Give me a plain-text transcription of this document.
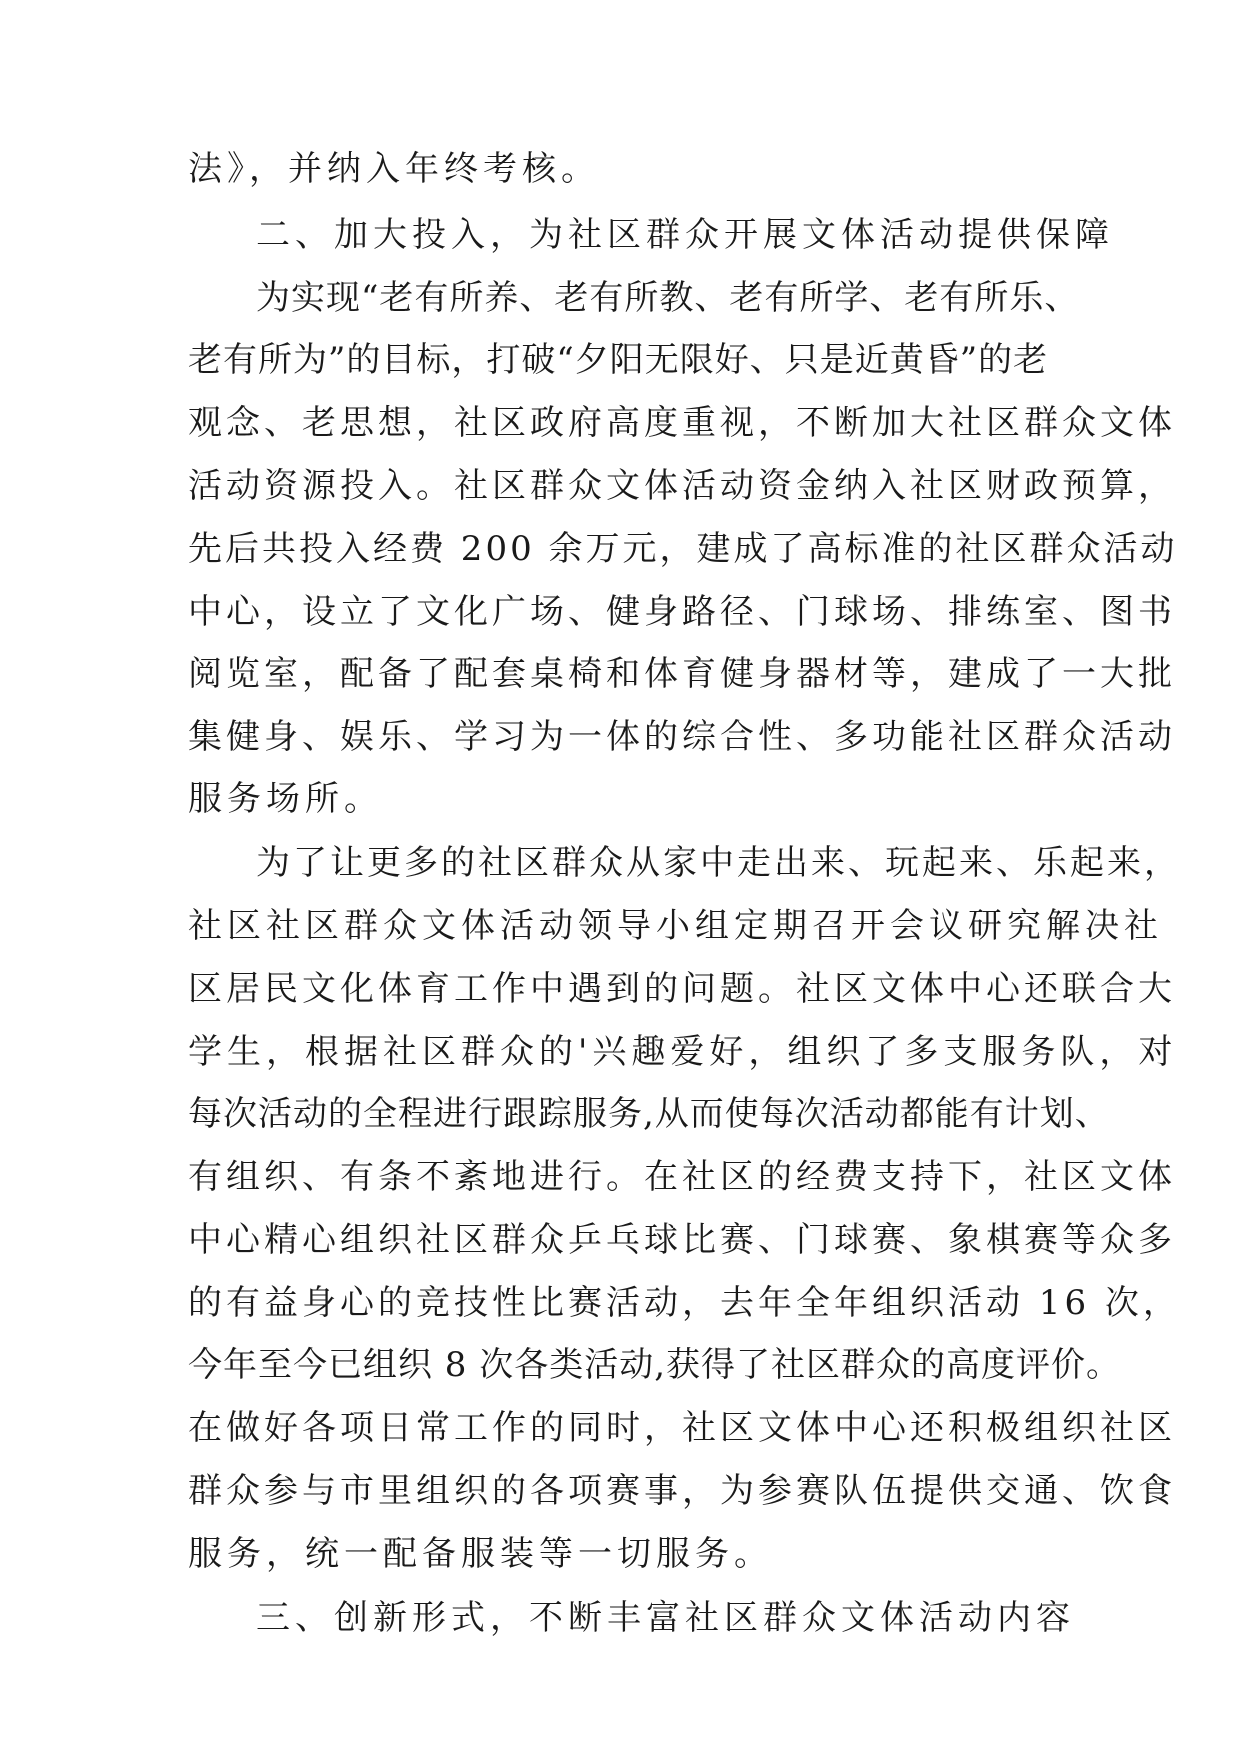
法》，并纳入年终考核。

二、加大投入，为社区群众开展文体活动提供保障

为实现“老有所养、老有所教、老有所学、老有所乐、

老有所为”的目标，打破“夕阳无限好、只是近黄昏”的老

观念、老思想，社区政府高度重视，不断加大社区群众文体

活动资源投入。社区群众文体活动资金纳入社区财政预算，

先后共投入经费 200 余万元，建成了高标准的社区群众活动

中心，设立了文化广场、健身路径、门球场、排练室、图书

阅览室，配备了配套桌椅和体育健身器材等，建成了一大批

集健身、娱乐、学习为一体的综合性、多功能社区群众活动

服务场所。

为了让更多的社区群众从家中走出来、玩起来、乐起来，

社区社区群众文体活动领导小组定期召开会议研究解决社

区居民文化体育工作中遇到的问题。社区文体中心还联合大

学生，根据社区群众的'兴趣爱好，组织了多支服务队，对

每次活动的全程进行跟踪服务,从而使每次活动都能有计划、

有组织、有条不紊地进行。在社区的经费支持下，社区文体

中心精心组织社区群众乒乓球比赛、门球赛、象棋赛等众多

的有益身心的竞技性比赛活动，去年全年组织活动 16 次，

今年至今已组织 8 次各类活动,获得了社区群众的高度评价。

在做好各项日常工作的同时，社区文体中心还积极组织社区

群众参与市里组织的各项赛事，为参赛队伍提供交通、饮食

服务，统一配备服装等一切服务。

三、创新形式，不断丰富社区群众文体活动内容
